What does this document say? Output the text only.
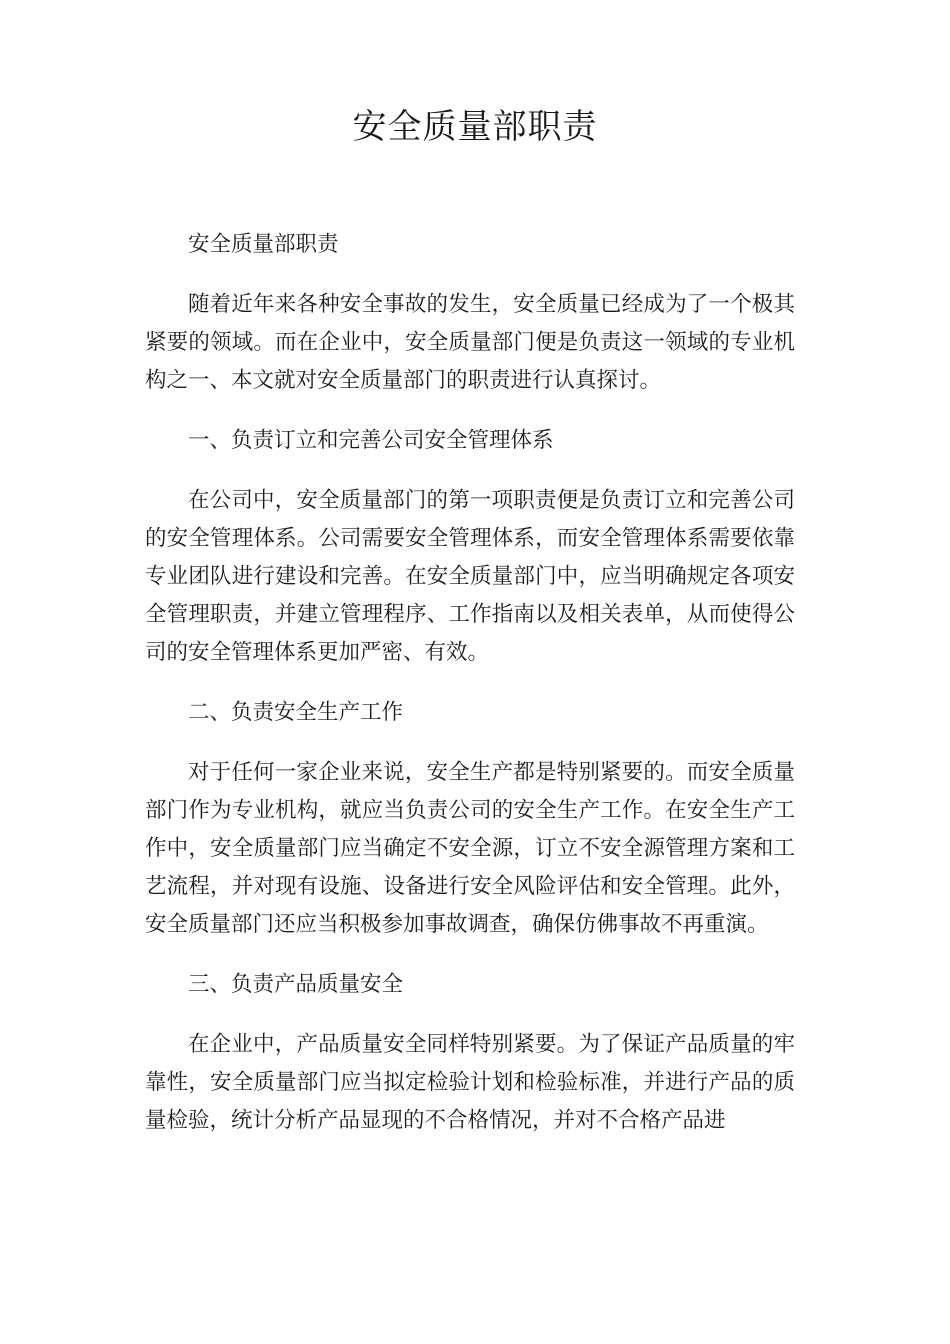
安全质量部职责

安全质量部职责

随着近年来各种安全事故的发生，安全质量已经成为了一个极其紧要的领域。而在企业中，安全质量部门便是负责这一领域的专业机构之一、本文就对安全质量部门的职责进行认真探讨。

一、负责订立和完善公司安全管理体系

在公司中，安全质量部门的第一项职责便是负责订立和完善公司的安全管理体系。公司需要安全管理体系，而安全管理体系需要依靠专业团队进行建设和完善。在安全质量部门中，应当明确规定各项安全管理职责，并建立管理程序、工作指南以及相关表单，从而使得公司的安全管理体系更加严密、有效。

二、负责安全生产工作

对于任何一家企业来说，安全生产都是特别紧要的。而安全质量部门作为专业机构，就应当负责公司的安全生产工作。在安全生产工作中，安全质量部门应当确定不安全源，订立不安全源管理方案和工艺流程，并对现有设施、设备进行安全风险评估和安全管理。此外，安全质量部门还应当积极参加事故调查，确保仿佛事故不再重演。

三、负责产品质量安全

在企业中，产品质量安全同样特别紧要。为了保证产品质量的牢靠性，安全质量部门应当拟定检验计划和检验标准，并进行产品的质量检验，统计分析产品显现的不合格情况，并对不合格产品进
